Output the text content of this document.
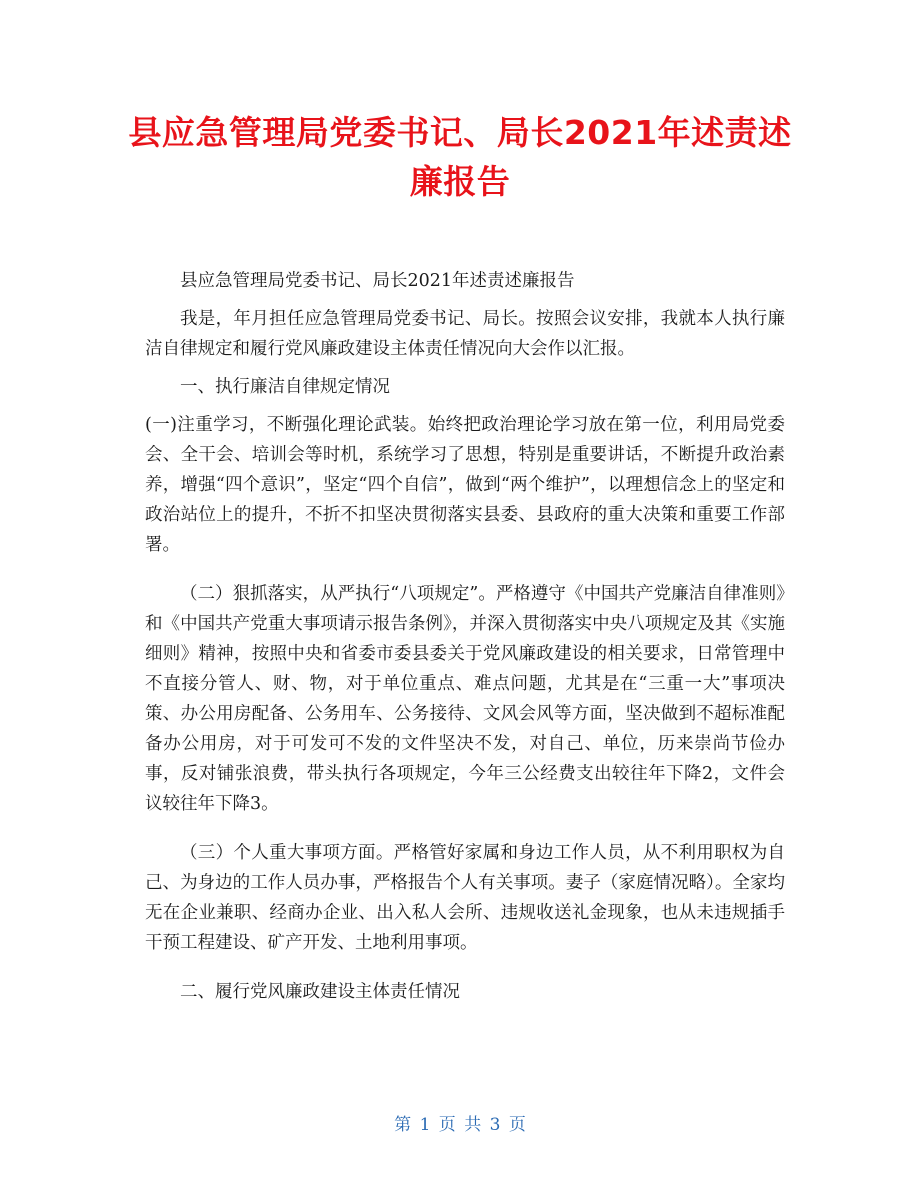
县应急管理局党委书记、局长2021年述责述廉报告

县应急管理局党委书记、局长2021年述责述廉报告

我是，年月担任应急管理局党委书记、局长。按照会议安排，我就本人执行廉洁自律规定和履行党风廉政建设主体责任情况向大会作以汇报。

一、执行廉洁自律规定情况

(一)注重学习，不断强化理论武装。始终把政治理论学习放在第一位，利用局党委会、全干会、培训会等时机，系统学习了思想，特别是重要讲话，不断提升政治素养，增强“四个意识”，坚定“四个自信”，做到“两个维护”，以理想信念上的坚定和政治站位上的提升，不折不扣坚决贯彻落实县委、县政府的重大决策和重要工作部署。

（二）狠抓落实，从严执行“八项规定”。严格遵守《中国共产党廉洁自律准则》和《中国共产党重大事项请示报告条例》，并深入贯彻落实中央八项规定及其《实施细则》精神，按照中央和省委市委县委关于党风廉政建设的相关要求，日常管理中不直接分管人、财、物，对于单位重点、难点问题，尤其是在“三重一大”事项决策、办公用房配备、公务用车、公务接待、文风会风等方面，坚决做到不超标准配备办公用房，对于可发可不发的文件坚决不发，对自己、单位，历来崇尚节俭办事，反对铺张浪费，带头执行各项规定，今年三公经费支出较往年下降2，文件会议较往年下降3。

（三）个人重大事项方面。严格管好家属和身边工作人员，从不利用职权为自己、为身边的工作人员办事，严格报告个人有关事项。妻子（家庭情况略）。全家均无在企业兼职、经商办企业、出入私人会所、违规收送礼金现象，也从未违规插手干预工程建设、矿产开发、土地利用事项。

二、履行党风廉政建设主体责任情况

第 1 页 共 3 页
